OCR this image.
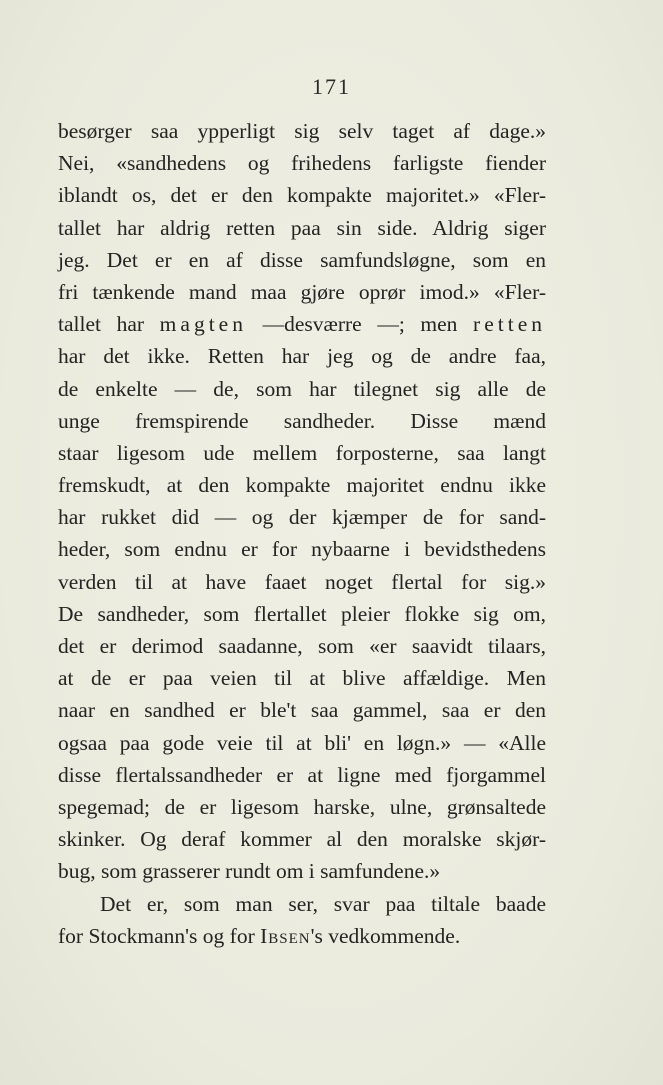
171
besørger saa ypperligt sig selv taget af dage.»
Nei, «sandhedens og frihedens farligste fiender
iblandt os, det er den kompakte majoritet.» «Fler-
tallet har aldrig retten paa sin side. Aldrig siger
jeg. Det er en af disse samfundsløgne, som en
fri tænkende mand maa gjøre oprør imod.» «Fler-
tallet har magten —desværre —; men retten
har det ikke. Retten har jeg og de andre faa,
de enkelte — de, som har tilegnet sig alle de
unge fremspirende sandheder. Disse mænd
staar ligesom ude mellem forposterne, saa langt
fremskudt, at den kompakte majoritet endnu ikke
har rukket did — og der kjæmper de for sand-
heder, som endnu er for nybaarne i bevidsthedens
verden til at have faaet noget flertal for sig.»
De sandheder, som flertallet pleier flokke sig om,
det er derimod saadanne, som «er saavidt tilaars,
at de er paa veien til at blive affældige. Men
naar en sandhed er ble't saa gammel, saa er den
ogsaa paa gode veie til at bli' en løgn.» — «Alle
disse flertalssandheder er at ligne med fjorgammel
spegemad; de er ligesom harske, ulne, grønsaltede
skinker. Og deraf kommer al den moralske skjør-
bug, som grasserer rundt om i samfundene.»
Det er, som man ser, svar paa tiltale baade
for Stockmann's og for Ibsen's vedkommende.
